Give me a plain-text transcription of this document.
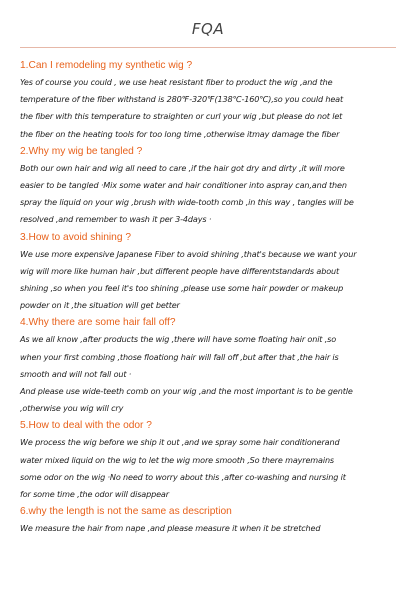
FQA
1.Can I remodeling my synthetic wig ?
Yes of course you could , we use heat resistant fiber to product the wig ,and the
temperature of the fiber withstand is 280℉-320℉(138℃-160℃),so you could heat
the fiber with this temperature to straighten or curl your wig ,but please do not let
the fiber on the heating tools for too long time ,otherwise itmay damage the fiber
2.Why my wig be tangled ?
Both our own hair and wig all need to care ,if the hair got dry and dirty ,it will more
easier to be tangled ·Mix some water and hair conditioner into aspray can,and then
spray the liquid on your wig ,brush with wide-tooth comb ,in this way , tangles will be
resolved ,and remember to wash it per 3-4days ·
3.How to avoid shining ?
We use more expensive Japanese Fiber to avoid shining ,that's because we want your
wig will more like human hair ,but different people have differentstandards about
shining ,so when you feel it's too shining ,please use some hair powder or makeup
powder on it ,the situation will get better
4.Why there are some hair fall off?
As we all know ,after products the wig ,there will have some floating hair onit ,so
when your first combing ,those floationg hair will fall off ,but after that ,the hair is
smooth and will not fall out ·
And please use wide-teeth comb on your wig ,and the most important is to be gentle
,otherwise you wig will cry
5.How to deal with the odor ?
We process the wig before we ship it out ,and we spray some hair conditionerand
water mixed liquid on the wig to let the wig more smooth ,So there mayremains
some odor on the wig ·No need to worry about this ,after co-washing and nursing it
for some time ,the odor will disappear
6.why the length is not the same as description
We measure the hair from nape ,and please measure it when it be stretched
